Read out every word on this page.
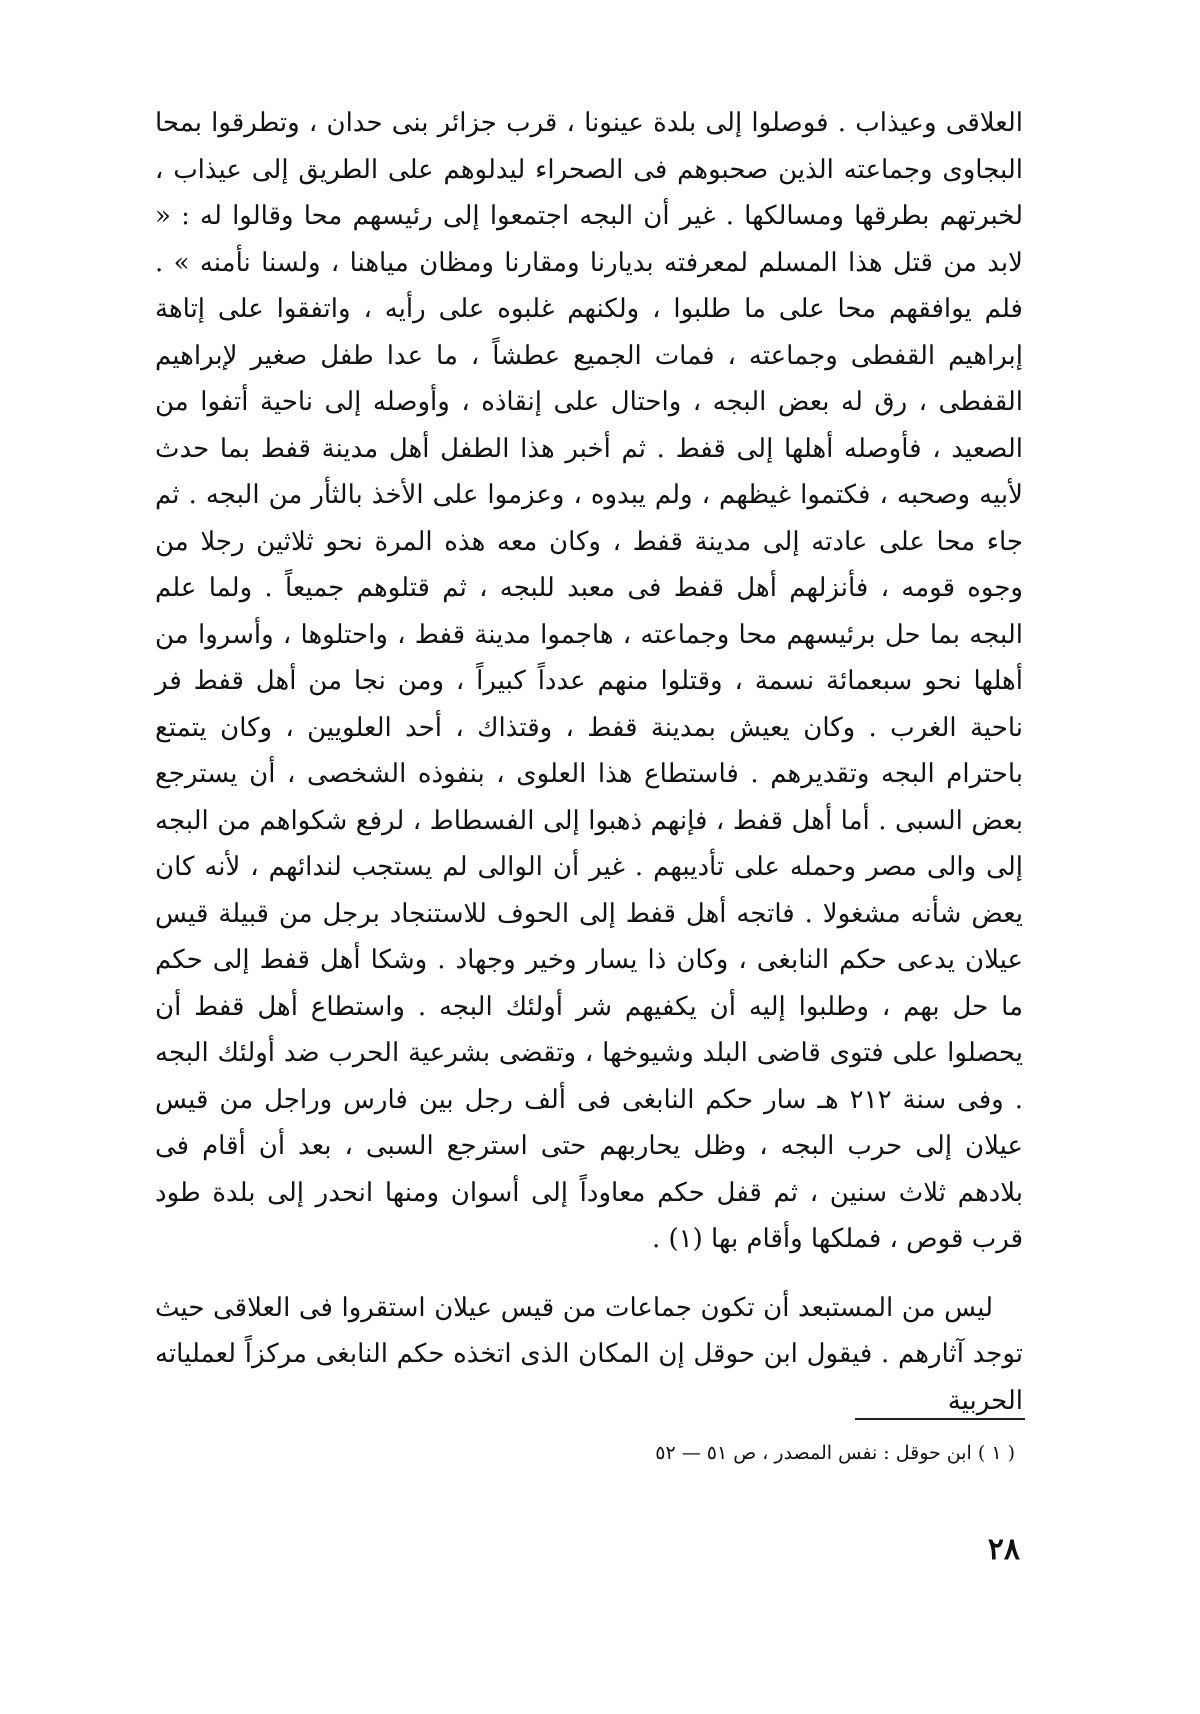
العلاقى وعيذاب . فوصلوا إلى بلدة عينونا ، قرب جزائر بنى حدان ، وتطرقوا بمحا البجاوى وجماعته الذين صحبوهم فى الصحراء ليدلوهم على الطريق إلى عيذاب ، لخبرتهم بطرقها ومسالكها . غير أن البجه اجتمعوا إلى رئيسهم محا وقالوا له : « لابد من قتل هذا المسلم لمعرفته بديارنا ومقارنا ومظان مياهنا ، ولسنا نأمنه » . فلم يوافقهم محا على ما طلبوا ، ولكنهم غلبوه على رأيه ، واتفقوا على إتاهة إبراهيم القفطى وجماعته ، فمات الجميع عطشاً ، ما عدا طفل صغير لإبراهيم القفطى ، رق له بعض البجه ، واحتال على إنقاذه ، وأوصله إلى ناحية أتفوا من الصعيد ، فأوصله أهلها إلى قفط . ثم أخبر هذا الطفل أهل مدينة قفط بما حدث لأبيه وصحبه ، فكتموا غيظهم ، ولم يبدوه ، وعزموا على الأخذ بالثأر من البجه . ثم جاء محا على عادته إلى مدينة قفط ، وكان معه هذه المرة نحو ثلاثين رجلا من وجوه قومه ، فأنزلهم أهل قفط فى معبد للبجه ، ثم قتلوهم جميعاً . ولما علم البجه بما حل برئيسهم محا وجماعته ، هاجموا مدينة قفط ، واحتلوها ، وأسروا من أهلها نحو سبعمائة نسمة ، وقتلوا منهم عدداً كبيراً ، ومن نجا من أهل قفط فر ناحية الغرب . وكان يعيش بمدينة قفط ، وقتذاك ، أحد العلويين ، وكان يتمتع باحترام البجه وتقديرهم . فاستطاع هذا العلوى ، بنفوذه الشخصى ، أن يسترجع بعض السبى . أما أهل قفط ، فإنهم ذهبوا إلى الفسطاط ، لرفع شكواهم من البجه إلى والى مصر وحمله على تأديبهم . غير أن الوالى لم يستجب لندائهم ، لأنه كان يعض شأنه مشغولا . فاتجه أهل قفط إلى الحوف للاستنجاد برجل من قبيلة قيس عيلان يدعى حكم النابغى ، وكان ذا يسار وخير وجهاد . وشكا أهل قفط إلى حكم ما حل بهم ، وطلبوا إليه أن يكفيهم شر أولئك البجه . واستطاع أهل قفط أن يحصلوا على فتوى قاضى البلد وشيوخها ، وتقضى بشرعية الحرب ضد أولئك البجه . وفى سنة ٢١٢ هـ سار حكم النابغى فى ألف رجل بين فارس وراجل من قيس عيلان إلى حرب البجه ، وظل يحاربهم حتى استرجع السبى ، بعد أن أقام فى بلادهم ثلاث سنين ، ثم قفل حكم معاوداً إلى أسوان ومنها انحدر إلى بلدة طود قرب قوص ، فملكها وأقام بها (١) .

ليس من المستبعد أن تكون جماعات من قيس عيلان استقروا فى العلاقى حيث توجد آثارهم . فيقول ابن حوقل إن المكان الذى اتخذه حكم النابغى مركزاً لعملياته الحربية

( ١ ) ابن حوقل : نفس المصدر ، ص ٥١ — ٥٢

٢٨
